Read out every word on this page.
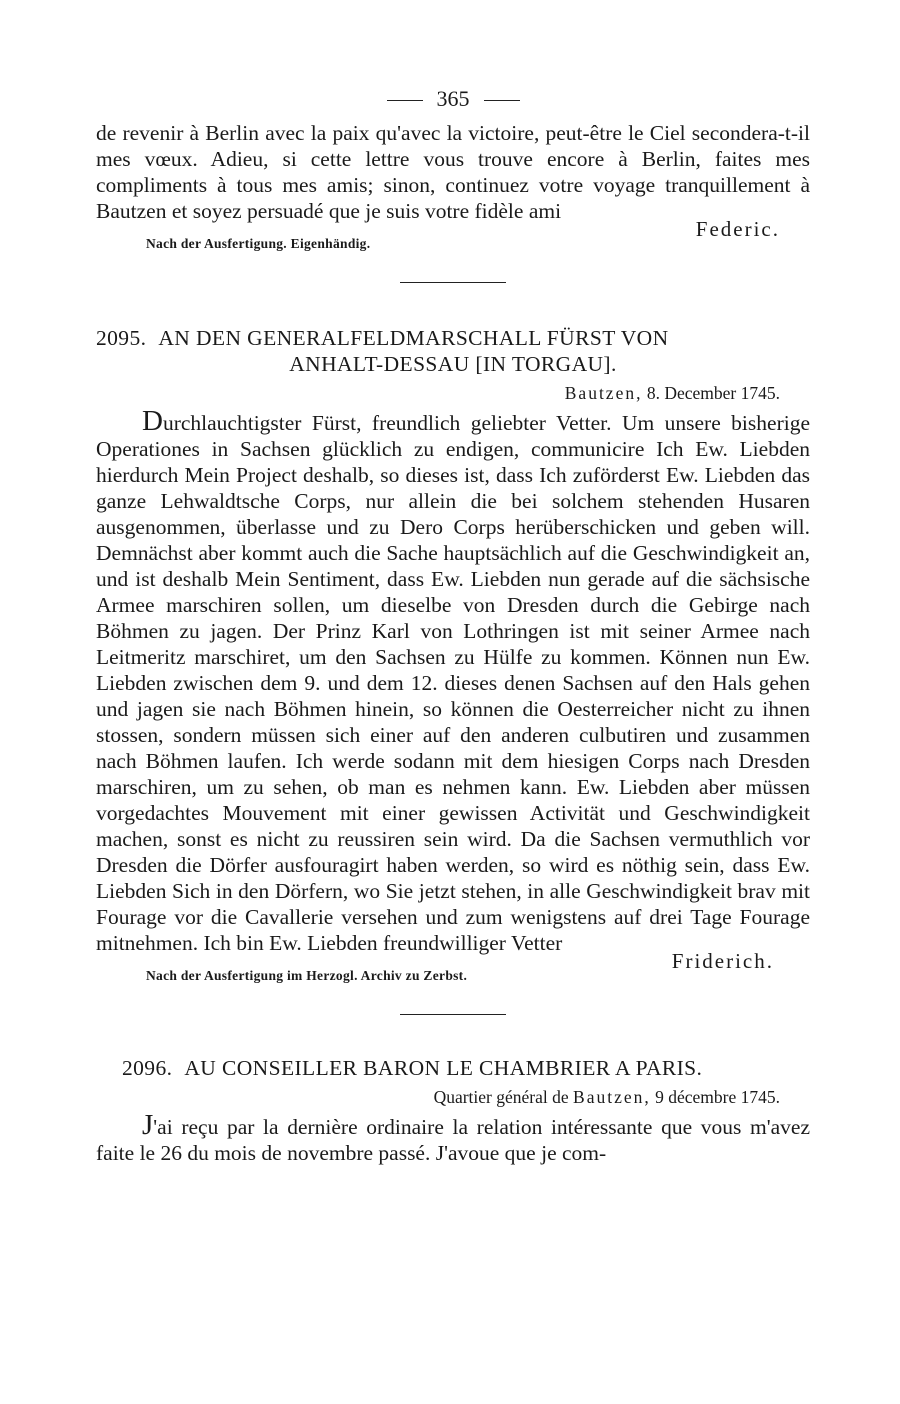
365

de revenir à Berlin avec la paix qu'avec la victoire, peut-être le Ciel secondera-t-il mes vœux. Adieu, si cette lettre vous trouve encore à Berlin, faites mes compliments à tous mes amis; sinon, continuez votre voyage tranquillement à Bautzen et soyez persuadé que je suis votre fidèle ami

Federic.
Nach der Ausfertigung. Eigenhändig.
2095. AN DEN GENERALFELDMARSCHALL FÜRST VON
ANHALT-DESSAU [IN TORGAU].
Bautzen, 8. December 1745.

Durchlauchtigster Fürst, freundlich geliebter Vetter. Um unsere bisherige Operationes in Sachsen glücklich zu endigen, communicire Ich Ew. Liebden hierdurch Mein Project deshalb, so dieses ist, dass Ich zuförderst Ew. Liebden das ganze Lehwaldtsche Corps, nur allein die bei solchem stehenden Husaren ausgenommen, überlasse und zu Dero Corps herüberschicken und geben will. Demnächst aber kommt auch die Sache hauptsächlich auf die Geschwindigkeit an, und ist deshalb Mein Sentiment, dass Ew. Liebden nun gerade auf die sächsische Armee marschiren sollen, um dieselbe von Dresden durch die Gebirge nach Böhmen zu jagen. Der Prinz Karl von Lothringen ist mit seiner Armee nach Leitmeritz marschiret, um den Sachsen zu Hülfe zu kommen. Können nun Ew. Liebden zwischen dem 9. und dem 12. dieses denen Sachsen auf den Hals gehen und jagen sie nach Böhmen hinein, so können die Oesterreicher nicht zu ihnen stossen, sondern müssen sich einer auf den anderen culbutiren und zusammen nach Böhmen laufen. Ich werde sodann mit dem hiesigen Corps nach Dresden marschiren, um zu sehen, ob man es nehmen kann. Ew. Liebden aber müssen vorgedachtes Mouvement mit einer gewissen Activität und Geschwindigkeit machen, sonst es nicht zu reussiren sein wird. Da die Sachsen vermuthlich vor Dresden die Dörfer ausfouragirt haben werden, so wird es nöthig sein, dass Ew. Liebden Sich in den Dörfern, wo Sie jetzt stehen, in alle Geschwindigkeit brav mit Fourage vor die Cavallerie versehen und zum wenigstens auf drei Tage Fourage mitnehmen. Ich bin Ew. Liebden freundwilliger Vetter

Friderich.
Nach der Ausfertigung im Herzogl. Archiv zu Zerbst.
2096. AU CONSEILLER BARON LE CHAMBRIER A PARIS.
Quartier général de Bautzen, 9 décembre 1745.

J'ai reçu par la dernière ordinaire la relation intéressante que vous m'avez faite le 26 du mois de novembre passé. J'avoue que je com-
